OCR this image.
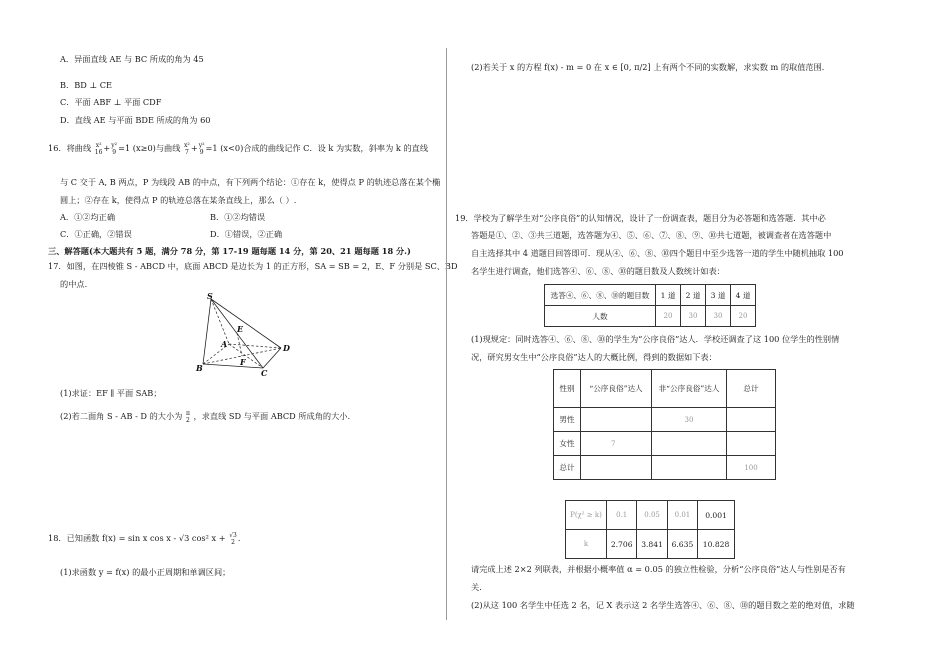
A．异面直线 AE 与 BC 所成的角为 45
B．BD ⊥ CE
C．平面 ABF ⊥ 平面 CDF
D．直线 AE 与平面 BDE 所成的角为 60
16．将曲线 x²
16 + y²
9 =1 (x≥0)与曲线 x²
7 + y²
9 =1 (x<0)合成的曲线记作 C．设 k 为实数，斜率为 k 的直线
与 C 交于 A, B 两点，P 为线段 AB 的中点，有下列两个结论：①存在 k，使得点 P 的轨迹总落在某个椭
圆上；②存在 k，使得点 P 的轨迹总落在某条直线上，那么（ ）.
A．①②均正确	B．①②均错误
C．①正确，②错误	D．①错误，②正确
三、解答题(本大题共有 5 题，满分 78 分，第 17-19 题每题 14 分，第 20、21 题每题 18 分.)
17．如图，在四棱锥 S - ABCD 中，底面 ABCD 是边长为 1 的正方形，SA = SB = 2，E、F 分别是 SC、BD
的中点.
S
A
B	C
D
E
F
(1)求证：EF ∥ 平面 SAB；
(2)若二面角 S - AB - D 的大小为 π
2 ，求直线 SD 与平面 ABCD 所成角的大小.
18．已知函数 f(x) = sin x cos x - √3 cos² x + √3
2 .
(1)求函数 y = f(x) 的最小正周期和单调区间；
(2)若关于 x 的方程 f(x) - m = 0 在 x ∈ [0, π/2] 上有两个不同的实数解，求实数 m 的取值范围.
19．学校为了解学生对“公序良俗”的认知情况，设计了一份调查表，题目分为必答题和选答题．其中必
答题是①、②、③共三道题，选答题为④、⑤、⑥、⑦、⑧、⑨、⑩共七道题，被调查者在选答题中
自主选择其中 4 道题目回答即可．现从④、⑥、⑧、⑩四个题目中至少选答一道的学生中随机抽取 100
名学生进行调查，他们选答④、⑥、⑧、⑩的题目数及人数统计如表：
选答④、⑥、⑧、⑩的题目数	1 道	2 道	3 道	4 道
人数	20	30	30	20
(1)现规定：同时选答④、⑥、⑧、⑩的学生为“公序良俗”达人．学校还调查了这 100 位学生的性别情
况，研究男女生中“公序良俗”达人的大概比例，得到的数据如下表：
性别	“公序良俗”达人	非“公序良俗”达人	总计
男性		30	
女性	7		
总计			100
P(χ² ≥ k)	0.1	0.05	0.01	0.001
k	2.706	3.841	6.635	10.828
请完成上述 2×2 列联表，并根据小概率值 α = 0.05 的独立性检验，分析“公序良俗”达人与性别是否有
关.
(2)从这 100 名学生中任选 2 名，记 X 表示这 2 名学生选答④、⑥、⑧、⑩的题目数之差的绝对值，求随
